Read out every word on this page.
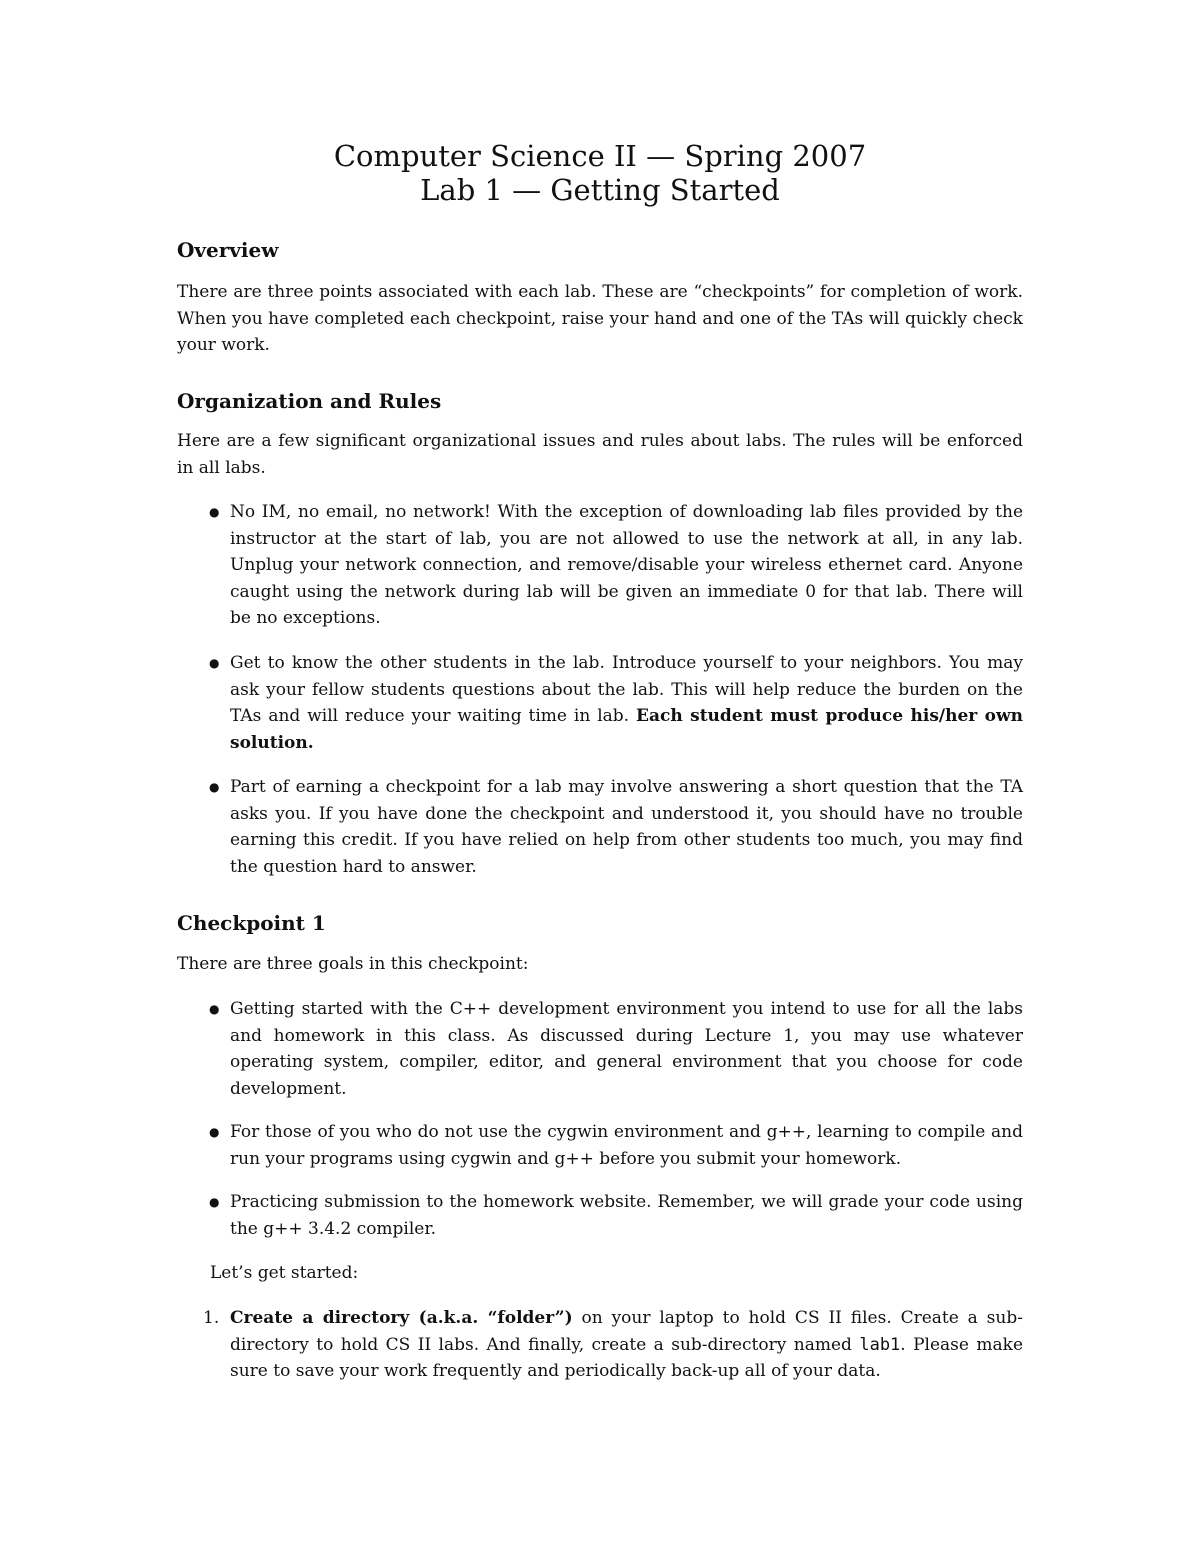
Computer Science II — Spring 2007
Lab 1 — Getting Started
Overview

There are three points associated with each lab. These are “checkpoints” for completion of work. When you have completed each checkpoint, raise your hand and one of the TAs will quickly check your work.

Organization and Rules

Here are a few significant organizational issues and rules about labs. The rules will be enforced in all labs.

● No IM, no email, no network! With the exception of downloading lab files provided by the instructor at the start of lab, you are not allowed to use the network at all, in any lab. Unplug your network connection, and remove/disable your wireless ethernet card. Anyone caught using the network during lab will be given an immediate 0 for that lab. There will be no exceptions.

● Get to know the other students in the lab. Introduce yourself to your neighbors. You may ask your fellow students questions about the lab. This will help reduce the burden on the TAs and will reduce your waiting time in lab. Each student must produce his/her own solution.

● Part of earning a checkpoint for a lab may involve answering a short question that the TA asks you. If you have done the checkpoint and understood it, you should have no trouble earning this credit. If you have relied on help from other students too much, you may find the question hard to answer.

Checkpoint 1

There are three goals in this checkpoint:

● Getting started with the C++ development environment you intend to use for all the labs and homework in this class. As discussed during Lecture 1, you may use whatever operating system, compiler, editor, and general environment that you choose for code development.

● For those of you who do not use the cygwin environment and g++, learning to compile and run your programs using cygwin and g++ before you submit your homework.

● Practicing submission to the homework website. Remember, we will grade your code using the g++ 3.4.2 compiler.

Let’s get started:

1. Create a directory (a.k.a. “folder”) on your laptop to hold CS II files. Create a sub-directory to hold CS II labs. And finally, create a sub-directory named lab1. Please make sure to save your work frequently and periodically back-up all of your data.
